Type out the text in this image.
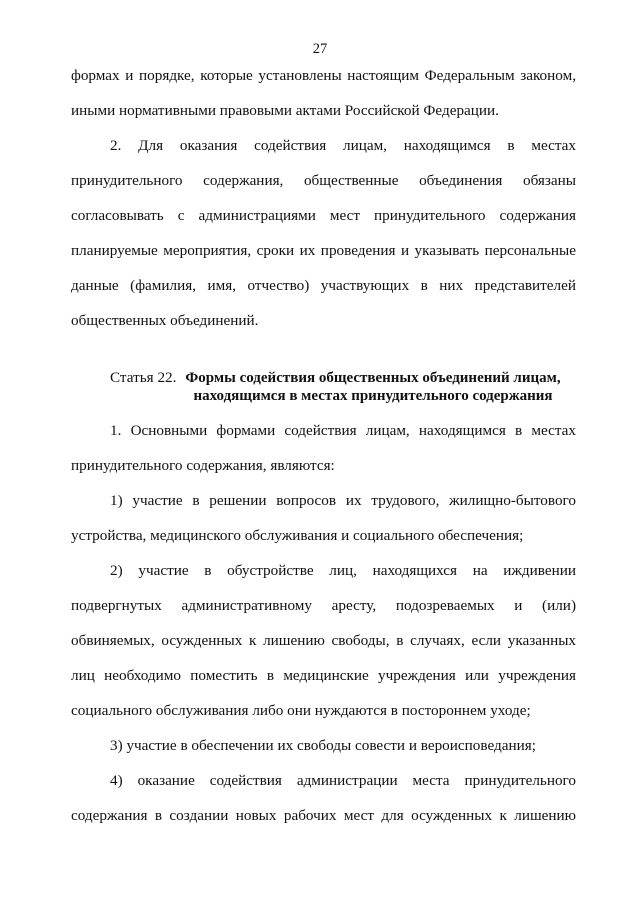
27
формах и порядке, которые установлены настоящим Федеральным законом,
иными нормативными правовыми актами Российской Федерации.
2. Для оказания содействия лицам, находящимся в местах
принудительного содержания, общественные объединения обязаны
согласовывать с администрациями мест принудительного содержания
планируемые мероприятия, сроки их проведения и указывать персональные
данные (фамилия, имя, отчество) участвующих в них представителей
общественных объединений.
Статья 22. Формы содействия общественных объединений лицам,
находящимся в местах принудительного содержания
1. Основными формами содействия лицам, находящимся в местах
принудительного содержания, являются:
1) участие в решении вопросов их трудового, жилищно-бытового
устройства, медицинского обслуживания и социального обеспечения;
2) участие в обустройстве лиц, находящихся на иждивении
подвергнутых административному аресту, подозреваемых и (или)
обвиняемых, осужденных к лишению свободы, в случаях, если указанных
лиц необходимо поместить в медицинские учреждения или учреждения
социального обслуживания либо они нуждаются в постороннем уходе;
3) участие в обеспечении их свободы совести и вероисповедания;
4) оказание содействия администрации места принудительного
содержания в создании новых рабочих мест для осужденных к лишению
